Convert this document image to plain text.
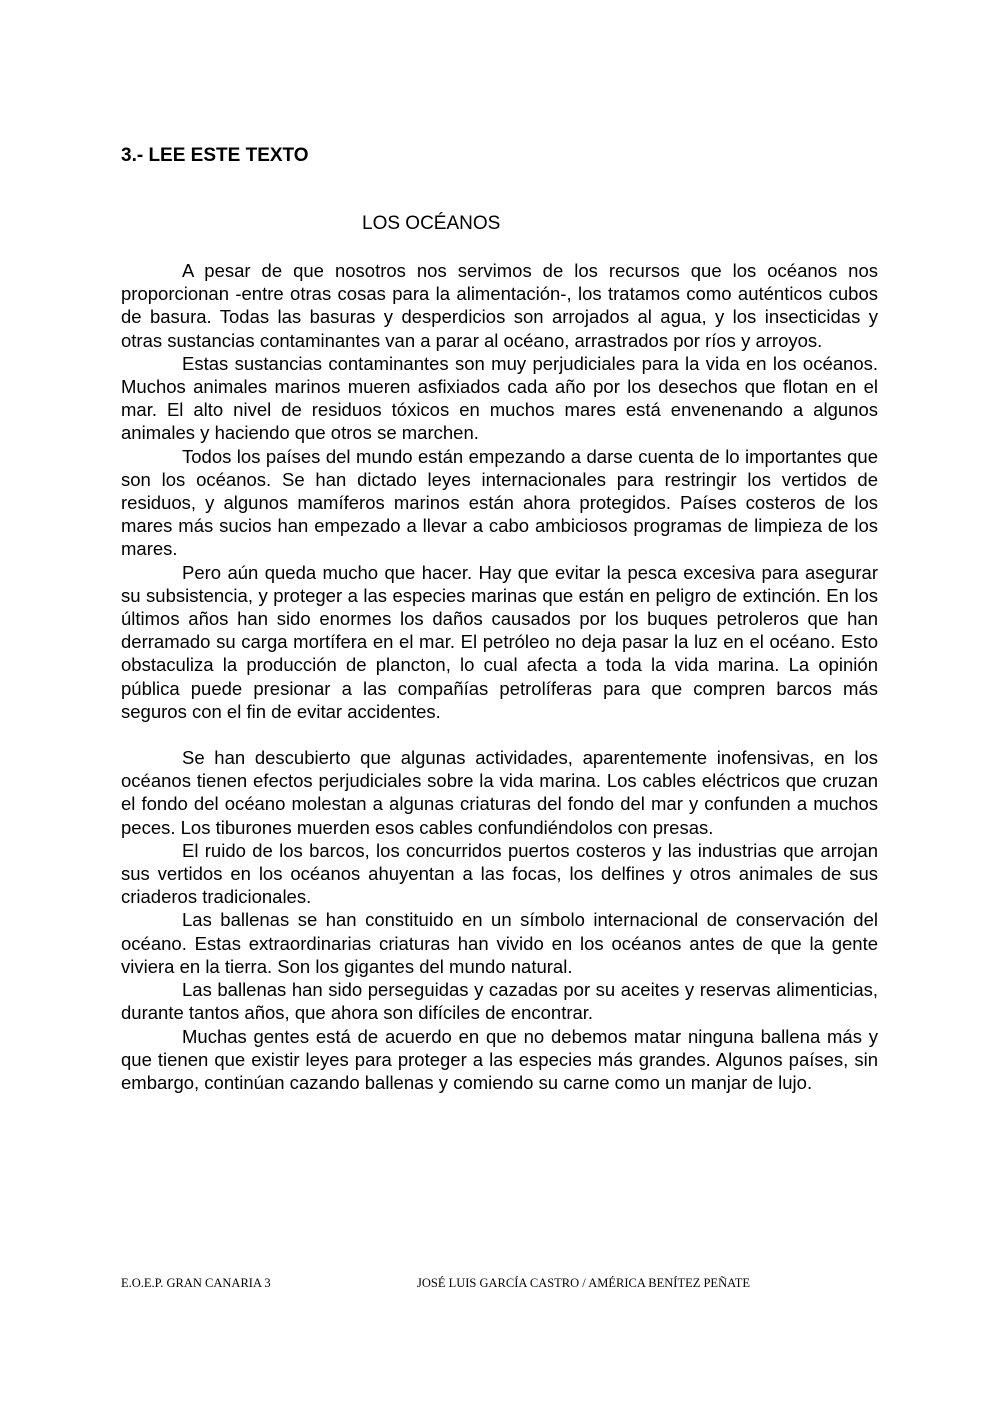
3.- LEE ESTE TEXTO
LOS OCÉANOS

A pesar de que nosotros nos servimos de los recursos que los océanos nos proporcionan -entre otras cosas para la alimentación-, los tratamos como auténticos cubos de basura. Todas las basuras y desperdicios son arrojados al agua, y los insecticidas y otras sustancias contaminantes van a parar al océano, arrastrados por ríos y arroyos.

Estas sustancias contaminantes son muy perjudiciales para la vida en los océanos. Muchos animales marinos mueren asfixiados cada año por los desechos que flotan en el mar. El alto nivel de residuos tóxicos en muchos mares está envenenando a algunos animales y haciendo que otros se marchen.

Todos los países del mundo están empezando a darse cuenta de lo importantes que son los océanos. Se han dictado leyes internacionales para restringir los vertidos de residuos, y algunos mamíferos marinos están ahora protegidos. Países costeros de los mares más sucios han empezado a llevar a cabo ambiciosos programas de limpieza de los mares.

Pero aún queda mucho que hacer. Hay que evitar la pesca excesiva para asegurar su subsistencia, y proteger a las especies marinas que están en peligro de extinción. En los últimos años han sido enormes los daños causados por los buques petroleros que han derramado su carga mortífera en el mar. El petróleo no deja pasar la luz en el océano. Esto obstaculiza la producción de plancton, lo cual afecta a toda la vida marina. La opinión pública puede presionar a las compañías petrolíferas para que compren barcos más seguros con el fin de evitar accidentes.

Se han descubierto que algunas actividades, aparentemente inofensivas, en los océanos tienen efectos perjudiciales sobre la vida marina. Los cables eléctricos que cruzan el fondo del océano molestan a algunas criaturas del fondo del mar y confunden a muchos peces. Los tiburones muerden esos cables confundiéndolos con presas.

El ruido de los barcos, los concurridos puertos costeros y las industrias que arrojan sus vertidos en los océanos ahuyentan a las focas, los delfines y otros animales de sus criaderos tradicionales.

Las ballenas se han constituido en un símbolo internacional de conservación del océano. Estas extraordinarias criaturas han vivido en los océanos antes de que la gente viviera en la tierra. Son los gigantes del mundo natural.

Las ballenas han sido perseguidas y cazadas por su aceites y reservas alimenticias, durante tantos años, que ahora son difíciles de encontrar.

Muchas gentes está de acuerdo en que no debemos matar ninguna ballena más y que tienen que existir leyes para proteger a las especies más grandes. Algunos países, sin embargo, continúan cazando ballenas y comiendo su carne como un manjar de lujo.

E.O.E.P. GRAN CANARIA 3	JOSÉ LUIS GARCÍA CASTRO / AMÉRICA BENÍTEZ PEÑATE
